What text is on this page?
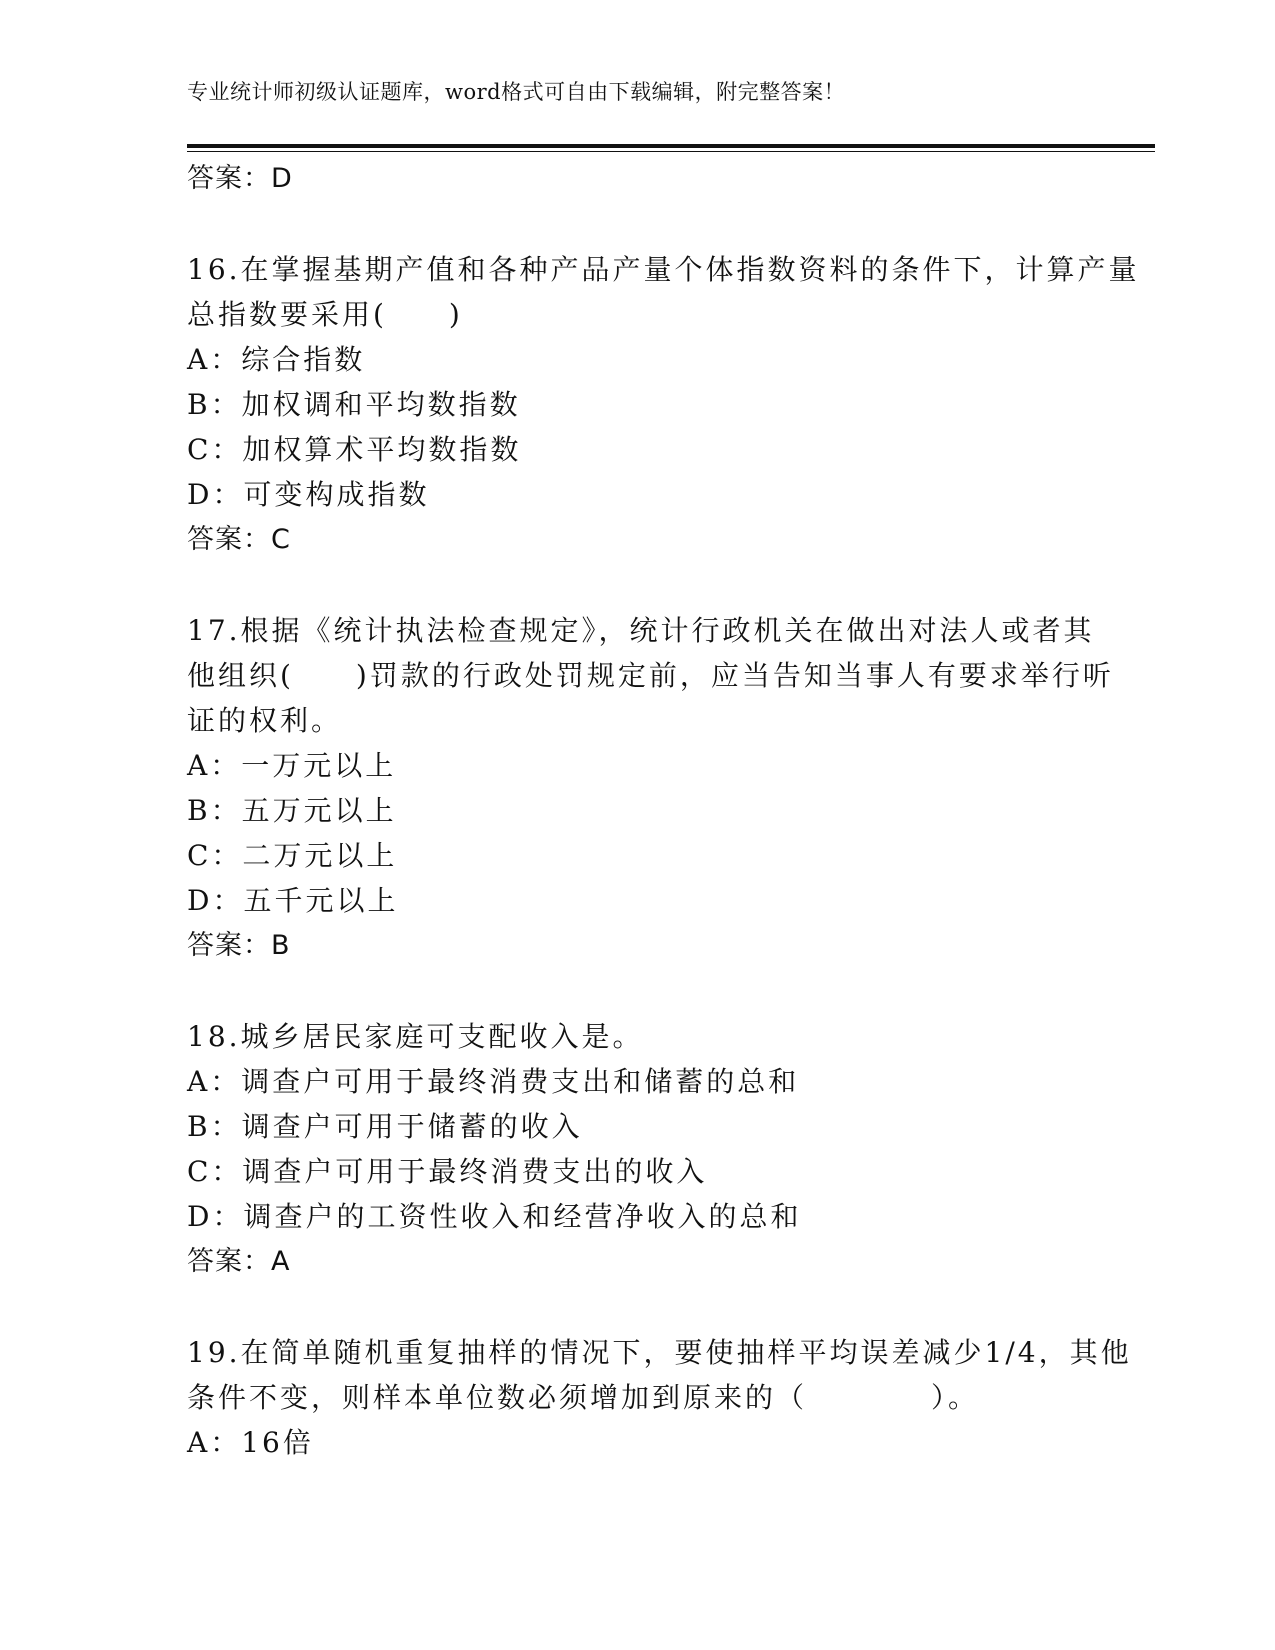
专业统计师初级认证题库，word格式可自由下载编辑，附完整答案！
答案：D
16.在掌握基期产值和各种产品产量个体指数资料的条件下，计算产量
总指数要采用(　　)
A：综合指数
B：加权调和平均数指数
C：加权算术平均数指数
D：可变构成指数
答案：C
17.根据《统计执法检查规定》，统计行政机关在做出对法人或者其
他组织(　　)罚款的行政处罚规定前，应当告知当事人有要求举行听
证的权利。
A：一万元以上
B：五万元以上
C：二万元以上
D：五千元以上
答案：B
18.城乡居民家庭可支配收入是。
A：调查户可用于最终消费支出和储蓄的总和
B：调查户可用于储蓄的收入
C：调查户可用于最终消费支出的收入
D：调查户的工资性收入和经营净收入的总和
答案：A
19.在简单随机重复抽样的情况下，要使抽样平均误差减少1/4，其他
条件不变，则样本单位数必须增加到原来的（　　　　）。
A：16倍
